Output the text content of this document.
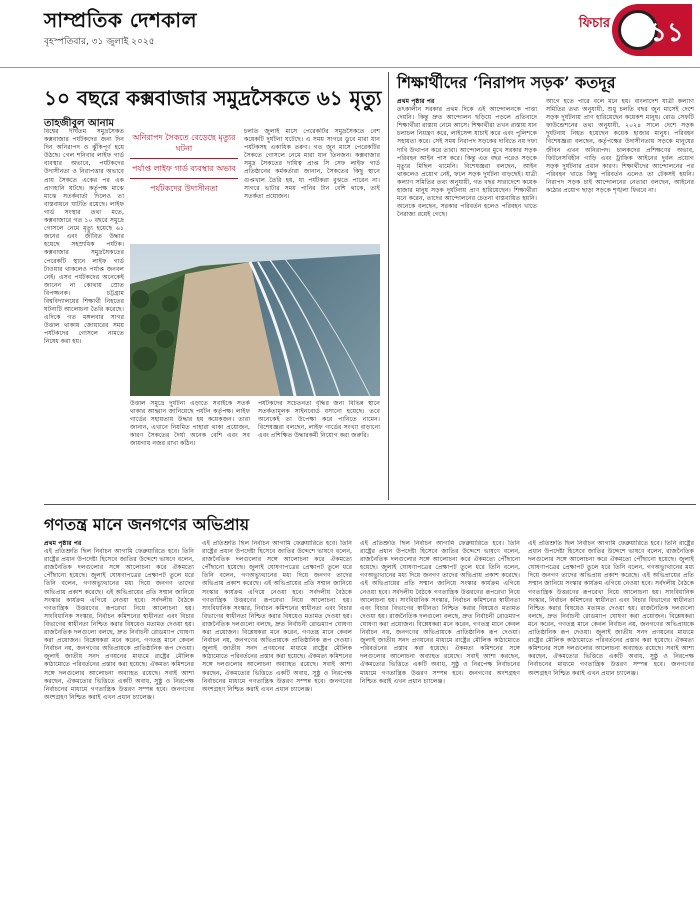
সাম্প্রতিক দেশকাল
বৃহস্পতিবার, ৩১ জুলাই ২০২৫
ফিচার ১১
১০ বছরে কক্সবাজার সমুদ্রসৈকতে ৬১ মৃত্যু
তাহজীবুল আনাম
বিশ্বের দীর্ঘতম সমুদ্রসৈকত কক্সবাজার পর্যটকদের জন্য দিন দিন অনিরাপদ ও ঝুঁকিপূর্ণ হয়ে উঠছে। গেল শনিবার লাইফ গার্ড ব্যবস্থার অভাবে, পর্যটকদের উদাসীনতা ও নিরাপত্তার অভাবে প্রায় সৈকতে একের পর এক প্রাণহানি ঘটছে। কর্তৃপক্ষ মাঝে মাঝে সতর্কবার্তা দিলেও তা বাস্তবায়নে ঘাটতি রয়েছে। লাইফ গার্ড সংস্থার তথ্য মতে, কক্সবাজারে গত ১০ বছরে সমুদ্রে গোসলে নেমে মৃত্যু হয়েছে ৬১ জনের এবং জীবিত উদ্ধার হয়েছে সহস্রাধিক পর্যটক। কক্সবাজার সমুদ্রসৈকতের পেরেকটি স্থানে লাইফ গার্ড টাওয়ার থাকলেও পর্যাপ্ত জনবল নেই। এসব পর্যটকদের অনেকেই জানেন না কোথায় স্রোত বিপজ্জনক। চট্টগ্রাম বিশ্ববিদ্যালয়ের শিক্ষার্থী নিহতের ঘটনাটি আলোচনা তৈরি করেছে। এদিকে গত মঙ্গলবার সাগর উত্তাল থাকায় জোয়ারের সময় পর্যটকদের গোসলে নামতে নিষেধ করা হয়।
অনিরাপদ সৈকতে বেড়েছে মৃত্যুর ঘটনা
পর্যাপ্ত লাইফ গার্ড ব্যবস্থার অভাব
পর্যটকদের উদাসীনতা
চলতি জুলাই মাসে পেরেকটির সমুদ্রসৈকতে বেশ কয়েকটি দুর্ঘটনা ঘটেছে। এ সময় সাগরে ডুবে মারা যান পর্যটকসহ একাধিক তরুণ। গত জুন মাসে পেরেকটির সৈকতে গোসলে নেমে মারা যান তিনজন। কক্সবাজার সমুদ্র সৈকতের দায়িত্ব প্রাপ্ত সি সেফ লাইফ গার্ড প্রতিষ্ঠানের কর্মকর্তারা জানান, সৈকতের কিছু স্থানে গুপ্তখাল তৈরি হয়, যা পর্যটকরা বুঝতে পারেন না। সাগরে ভাটার সময় পানির টান বেশি থাকে, তাই সতর্কতা প্রয়োজন।
উত্তাল সমুদ্রে দুর্ঘটনা এড়াতে সবাইকে সতর্ক থাকার আহ্বান জানিয়েছে পর্যটন কর্তৃপক্ষ। লাইফ গার্ডের সহায়তায় উদ্ধার হয় কয়েকজন। তারা জানান, এখানে নিয়মিত পাহারা থাকা প্রয়োজন, কারণ সৈকতের দৈর্ঘ্য অনেক বেশি এবং সব জায়গায় নজর রাখা কঠিন।
পর্যটকদের সচেতনতা বৃদ্ধির জন্য বিভিন্ন স্থানে সতর্কতামূলক সাইনবোর্ড বসানো হয়েছে। তবে অনেকেই তা উপেক্ষা করে পানিতে নামেন। বিশেষজ্ঞরা বলছেন, লাইফ গার্ডের সংখ্যা বাড়ানো এবং প্রশিক্ষিত উদ্ধারকর্মী নিয়োগ করা জরুরি।
শিক্ষার্থীদের ‘নিরাপদ সড়ক’ কতদূর
প্রথম পৃষ্ঠার পর
তৎকালীন সরকার প্রথম দিকে এই আন্দোলনকে পাত্তা দেয়নি। কিন্তু দ্রুত আন্দোলন ছড়িয়ে পড়লে প্রতিবাদে শিক্ষার্থীরা রাস্তায় নেমে আসে। শিক্ষার্থীরা তখন রাস্তায় যান চলাচল নিয়ন্ত্রণ করে, লাইসেন্স যাচাই করে এবং পুলিশকে সহায়তা করে। সেই সময় নিরাপদ সড়কের দাবিতে নয় দফা দাবি উত্থাপন করে তারা। আন্দোলনের মুখে সরকার সড়ক পরিবহন আইন পাস করে। কিন্তু এত বছর পরেও সড়কে মৃত্যুর মিছিল থামেনি। বিশেষজ্ঞরা বলছেন, আইন থাকলেও প্রয়োগ নেই, ফলে সড়ক দুর্ঘটনা বাড়ছেই। যাত্রী কল্যাণ সমিতির তথ্য অনুযায়ী, গত বছর সারাদেশে কয়েক হাজার মানুষ সড়ক দুর্ঘটনায় প্রাণ হারিয়েছেন। শিক্ষার্থীরা মনে করেন, তাদের আন্দোলনের চেতনা বাস্তবায়িত হয়নি। অনেকে বলছেন, সরকার পরিবর্তন হলেও পরিবহন খাতে নৈরাজ্য রয়েই গেছে।
আগে হতে পারে বলে মনে হয়। বাংলাদেশ যাত্রী কল্যাণ সমিতির তথ্য অনুযায়ী, শুধু চলতি বছর জুন মাসেই দেশে সড়ক দুর্ঘটনায় প্রাণ হারিয়েছেন কয়েকশ মানুষ। রোড সেফটি ফাউন্ডেশনের তথ্য অনুযায়ী, ২০২৪ সালে দেশে সড়ক দুর্ঘটনায় নিহত হয়েছেন কয়েক হাজার মানুষ। পরিবহন বিশেষজ্ঞরা বলছেন, কর্তৃপক্ষের উদাসীনতায় সড়কে মানুষের জীবন এখন অনিরাপদ। চালকদের প্রশিক্ষণের অভাব, ফিটনেসবিহীন গাড়ি এবং ট্রাফিক আইনের দুর্বল প্রয়োগ সড়ক দুর্ঘটনার প্রধান কারণ। শিক্ষার্থীদের আন্দোলনের পর পরিবহন খাতে কিছু পরিবর্তন এলেও তা টেকসই হয়নি। নিরাপদ সড়ক চাই আন্দোলনের নেতারা বলছেন, আইনের কঠোর প্রয়োগ ছাড়া সড়কে শৃঙ্খলা ফিরবে না।
গণতন্ত্র মানে জনগণের অভিপ্রায়
প্রথম পৃষ্ঠার পর
এই প্রতিশ্রুতি ছিল নির্বাচন আগামি ফেব্রুয়ারিতে হবে। তিনি রাষ্ট্রের প্রধান উপদেষ্টা হিসেবে জাতির উদ্দেশে ভাষণে বলেন, রাজনৈতিক দলগুলোর সঙ্গে আলোচনা করে ঐকমত্যে পৌঁছানো হয়েছে। জুলাই ঘোষণাপত্রের প্রেক্ষাপট তুলে ধরে তিনি বলেন, গণঅভ্যুত্থানের মধ্য দিয়ে জনগণ তাদের অভিপ্রায় প্রকাশ করেছে। এই অভিপ্রায়ের প্রতি সম্মান জানিয়ে সংস্কার কার্যক্রম এগিয়ে নেওয়া হবে। সর্বদলীয় বৈঠকে গণতান্ত্রিক উত্তরণের রূপরেখা নিয়ে আলোচনা হয়। সাংবিধানিক সংস্কার, নির্বাচন কমিশনের স্বাধীনতা এবং বিচার বিভাগের স্বাধীনতা নিশ্চিত করার বিষয়েও মতামত দেওয়া হয়। রাজনৈতিক দলগুলো বলছে, দ্রুত নির্বাচনী রোডম্যাপ ঘোষণা করা প্রয়োজন। বিশ্লেষকরা মনে করেন, গণতন্ত্র মানে কেবল নির্বাচন নয়, জনগণের অভিপ্রায়কে প্রাতিষ্ঠানিক রূপ দেওয়া। জুলাই জাতীয় সনদ প্রণয়নের মাধ্যমে রাষ্ট্রের মৌলিক কাঠামোতে পরিবর্তনের প্রস্তাব করা হয়েছে। ঐকমত্য কমিশনের সঙ্গে দলগুলোর আলোচনা অব্যাহত রয়েছে। সবাই আশা করছেন, ঐকমত্যের ভিত্তিতে একটি অবাধ, সুষ্ঠু ও নিরপেক্ষ নির্বাচনের মাধ্যমে গণতান্ত্রিক উত্তরণ সম্পন্ন হবে। জনগণের অংশগ্রহণ নিশ্চিত করাই এখন প্রধান চ্যালেঞ্জ।
এই প্রতিশ্রুতি ছিল নির্বাচন আগামি ফেব্রুয়ারিতে হবে। তিনি রাষ্ট্রের প্রধান উপদেষ্টা হিসেবে জাতির উদ্দেশে ভাষণে বলেন, রাজনৈতিক দলগুলোর সঙ্গে আলোচনা করে ঐকমত্যে পৌঁছানো হয়েছে। জুলাই ঘোষণাপত্রের প্রেক্ষাপট তুলে ধরে তিনি বলেন, গণঅভ্যুত্থানের মধ্য দিয়ে জনগণ তাদের অভিপ্রায় প্রকাশ করেছে। এই অভিপ্রায়ের প্রতি সম্মান জানিয়ে সংস্কার কার্যক্রম এগিয়ে নেওয়া হবে। সর্বদলীয় বৈঠকে গণতান্ত্রিক উত্তরণের রূপরেখা নিয়ে আলোচনা হয়। সাংবিধানিক সংস্কার, নির্বাচন কমিশনের স্বাধীনতা এবং বিচার বিভাগের স্বাধীনতা নিশ্চিত করার বিষয়েও মতামত দেওয়া হয়। রাজনৈতিক দলগুলো বলছে, দ্রুত নির্বাচনী রোডম্যাপ ঘোষণা করা প্রয়োজন। বিশ্লেষকরা মনে করেন, গণতন্ত্র মানে কেবল নির্বাচন নয়, জনগণের অভিপ্রায়কে প্রাতিষ্ঠানিক রূপ দেওয়া। জুলাই জাতীয় সনদ প্রণয়নের মাধ্যমে রাষ্ট্রের মৌলিক কাঠামোতে পরিবর্তনের প্রস্তাব করা হয়েছে। ঐকমত্য কমিশনের সঙ্গে দলগুলোর আলোচনা অব্যাহত রয়েছে। সবাই আশা করছেন, ঐকমত্যের ভিত্তিতে একটি অবাধ, সুষ্ঠু ও নিরপেক্ষ নির্বাচনের মাধ্যমে গণতান্ত্রিক উত্তরণ সম্পন্ন হবে। জনগণের অংশগ্রহণ নিশ্চিত করাই এখন প্রধান চ্যালেঞ্জ।
এই প্রতিশ্রুতি ছিল নির্বাচন আগামি ফেব্রুয়ারিতে হবে। তিনি রাষ্ট্রের প্রধান উপদেষ্টা হিসেবে জাতির উদ্দেশে ভাষণে বলেন, রাজনৈতিক দলগুলোর সঙ্গে আলোচনা করে ঐকমত্যে পৌঁছানো হয়েছে। জুলাই ঘোষণাপত্রের প্রেক্ষাপট তুলে ধরে তিনি বলেন, গণঅভ্যুত্থানের মধ্য দিয়ে জনগণ তাদের অভিপ্রায় প্রকাশ করেছে। এই অভিপ্রায়ের প্রতি সম্মান জানিয়ে সংস্কার কার্যক্রম এগিয়ে নেওয়া হবে। সর্বদলীয় বৈঠকে গণতান্ত্রিক উত্তরণের রূপরেখা নিয়ে আলোচনা হয়। সাংবিধানিক সংস্কার, নির্বাচন কমিশনের স্বাধীনতা এবং বিচার বিভাগের স্বাধীনতা নিশ্চিত করার বিষয়েও মতামত দেওয়া হয়। রাজনৈতিক দলগুলো বলছে, দ্রুত নির্বাচনী রোডম্যাপ ঘোষণা করা প্রয়োজন। বিশ্লেষকরা মনে করেন, গণতন্ত্র মানে কেবল নির্বাচন নয়, জনগণের অভিপ্রায়কে প্রাতিষ্ঠানিক রূপ দেওয়া। জুলাই জাতীয় সনদ প্রণয়নের মাধ্যমে রাষ্ট্রের মৌলিক কাঠামোতে পরিবর্তনের প্রস্তাব করা হয়েছে। ঐকমত্য কমিশনের সঙ্গে দলগুলোর আলোচনা অব্যাহত রয়েছে। সবাই আশা করছেন, ঐকমত্যের ভিত্তিতে একটি অবাধ, সুষ্ঠু ও নিরপেক্ষ নির্বাচনের মাধ্যমে গণতান্ত্রিক উত্তরণ সম্পন্ন হবে। জনগণের অংশগ্রহণ নিশ্চিত করাই এখন প্রধান চ্যালেঞ্জ।
এই প্রতিশ্রুতি ছিল নির্বাচন আগামি ফেব্রুয়ারিতে হবে। তিনি রাষ্ট্রের প্রধান উপদেষ্টা হিসেবে জাতির উদ্দেশে ভাষণে বলেন, রাজনৈতিক দলগুলোর সঙ্গে আলোচনা করে ঐকমত্যে পৌঁছানো হয়েছে। জুলাই ঘোষণাপত্রের প্রেক্ষাপট তুলে ধরে তিনি বলেন, গণঅভ্যুত্থানের মধ্য দিয়ে জনগণ তাদের অভিপ্রায় প্রকাশ করেছে। এই অভিপ্রায়ের প্রতি সম্মান জানিয়ে সংস্কার কার্যক্রম এগিয়ে নেওয়া হবে। সর্বদলীয় বৈঠকে গণতান্ত্রিক উত্তরণের রূপরেখা নিয়ে আলোচনা হয়। সাংবিধানিক সংস্কার, নির্বাচন কমিশনের স্বাধীনতা এবং বিচার বিভাগের স্বাধীনতা নিশ্চিত করার বিষয়েও মতামত দেওয়া হয়। রাজনৈতিক দলগুলো বলছে, দ্রুত নির্বাচনী রোডম্যাপ ঘোষণা করা প্রয়োজন। বিশ্লেষকরা মনে করেন, গণতন্ত্র মানে কেবল নির্বাচন নয়, জনগণের অভিপ্রায়কে প্রাতিষ্ঠানিক রূপ দেওয়া। জুলাই জাতীয় সনদ প্রণয়নের মাধ্যমে রাষ্ট্রের মৌলিক কাঠামোতে পরিবর্তনের প্রস্তাব করা হয়েছে। ঐকমত্য কমিশনের সঙ্গে দলগুলোর আলোচনা অব্যাহত রয়েছে। সবাই আশা করছেন, ঐকমত্যের ভিত্তিতে একটি অবাধ, সুষ্ঠু ও নিরপেক্ষ নির্বাচনের মাধ্যমে গণতান্ত্রিক উত্তরণ সম্পন্ন হবে। জনগণের অংশগ্রহণ নিশ্চিত করাই এখন প্রধান চ্যালেঞ্জ।
